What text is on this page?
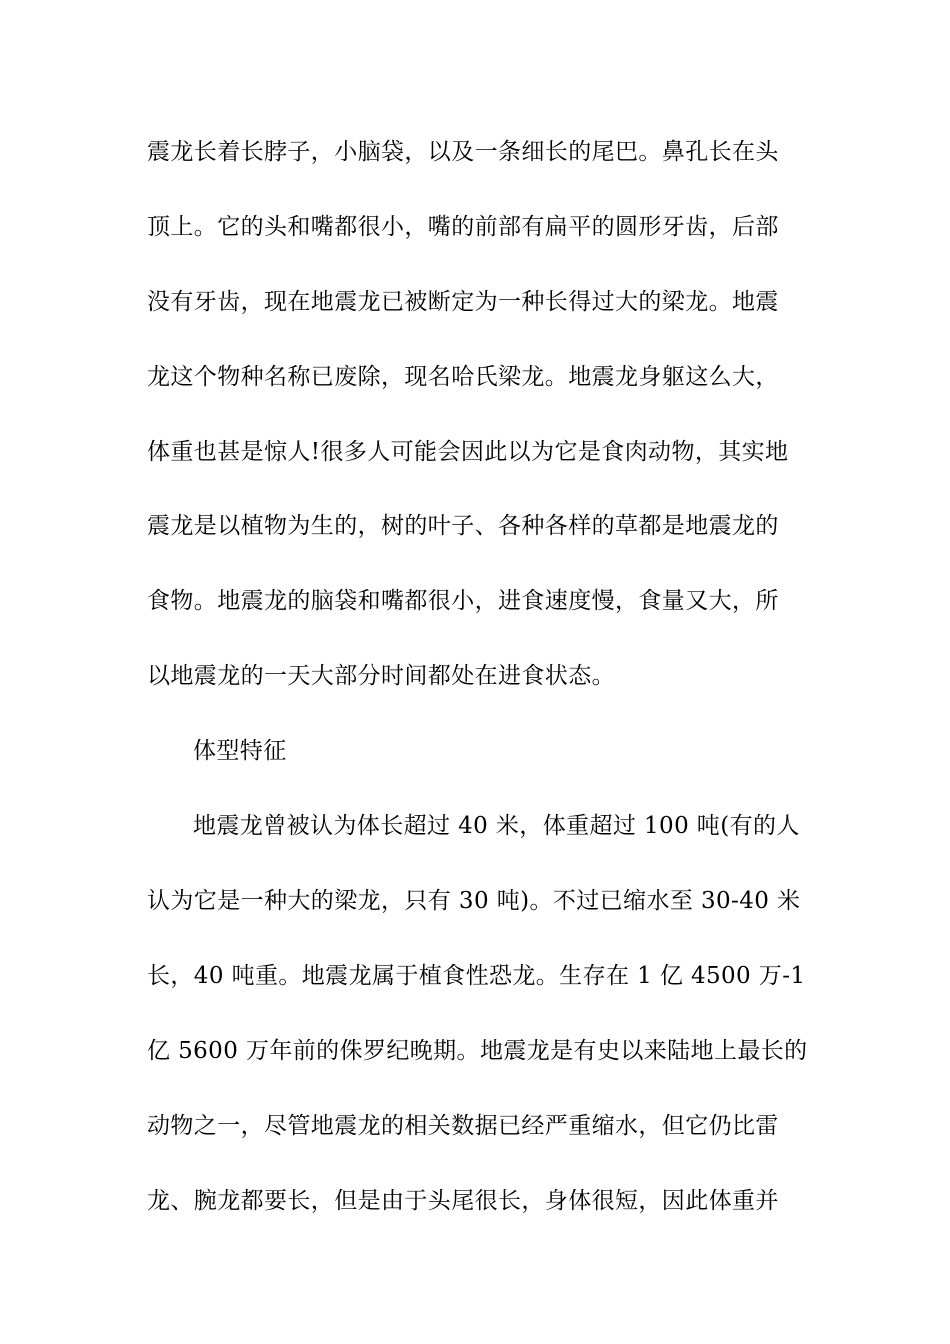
震龙长着长脖子，小脑袋，以及一条细长的尾巴。鼻孔长在头
顶上。它的头和嘴都很小，嘴的前部有扁平的圆形牙齿，后部
没有牙齿，现在地震龙已被断定为一种长得过大的梁龙。地震
龙这个物种名称已废除，现名哈氏梁龙。地震龙身躯这么大，
体重也甚是惊人!很多人可能会因此以为它是食肉动物，其实地
震龙是以植物为生的，树的叶子、各种各样的草都是地震龙的
食物。地震龙的脑袋和嘴都很小，进食速度慢，食量又大，所
以地震龙的一天大部分时间都处在进食状态。
体型特征
地震龙曾被认为体长超过 40 米，体重超过 100 吨(有的人
认为它是一种大的梁龙，只有 30 吨)。不过已缩水至 30-40 米
长，40 吨重。地震龙属于植食性恐龙。生存在 1 亿 4500 万-1
亿 5600 万年前的侏罗纪晚期。地震龙是有史以来陆地上最长的
动物之一，尽管地震龙的相关数据已经严重缩水，但它仍比雷
龙、腕龙都要长，但是由于头尾很长，身体很短，因此体重并
